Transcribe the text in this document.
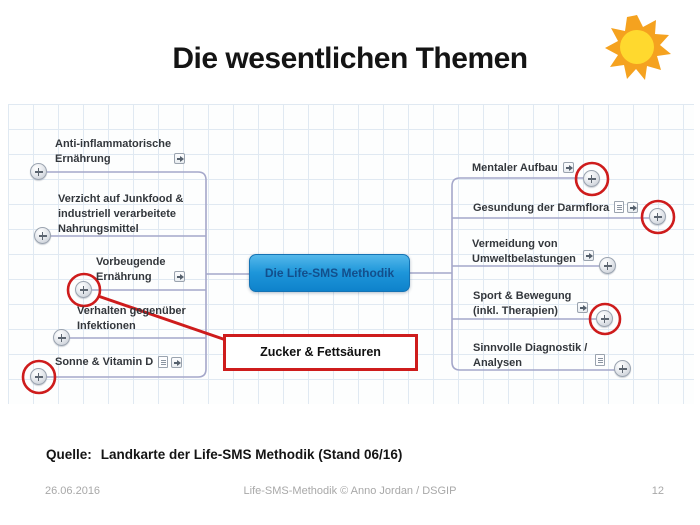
Die wesentlichen Themen
Anti-inflammatorische Ernährung
Verzicht auf Junkfood & industriell verarbeitete Nahrungsmittel
Vorbeugende Ernährung
Verhalten gegenüber Infektionen
Sonne & Vitamin D
Mentaler Aufbau
Gesundung der Darmflora
Vermeidung von Umweltbelastungen
Sport & Bewegung (inkl. Therapien)
Sinnvolle Diagnostik / Analysen
Die Life-SMS Methodik
Zucker & Fettsäuren
Quelle: Landkarte der Life-SMS Methodik (Stand 06/16)
26.06.2016	Life-SMS-Methodik © Anno Jordan / DSGIP	12
